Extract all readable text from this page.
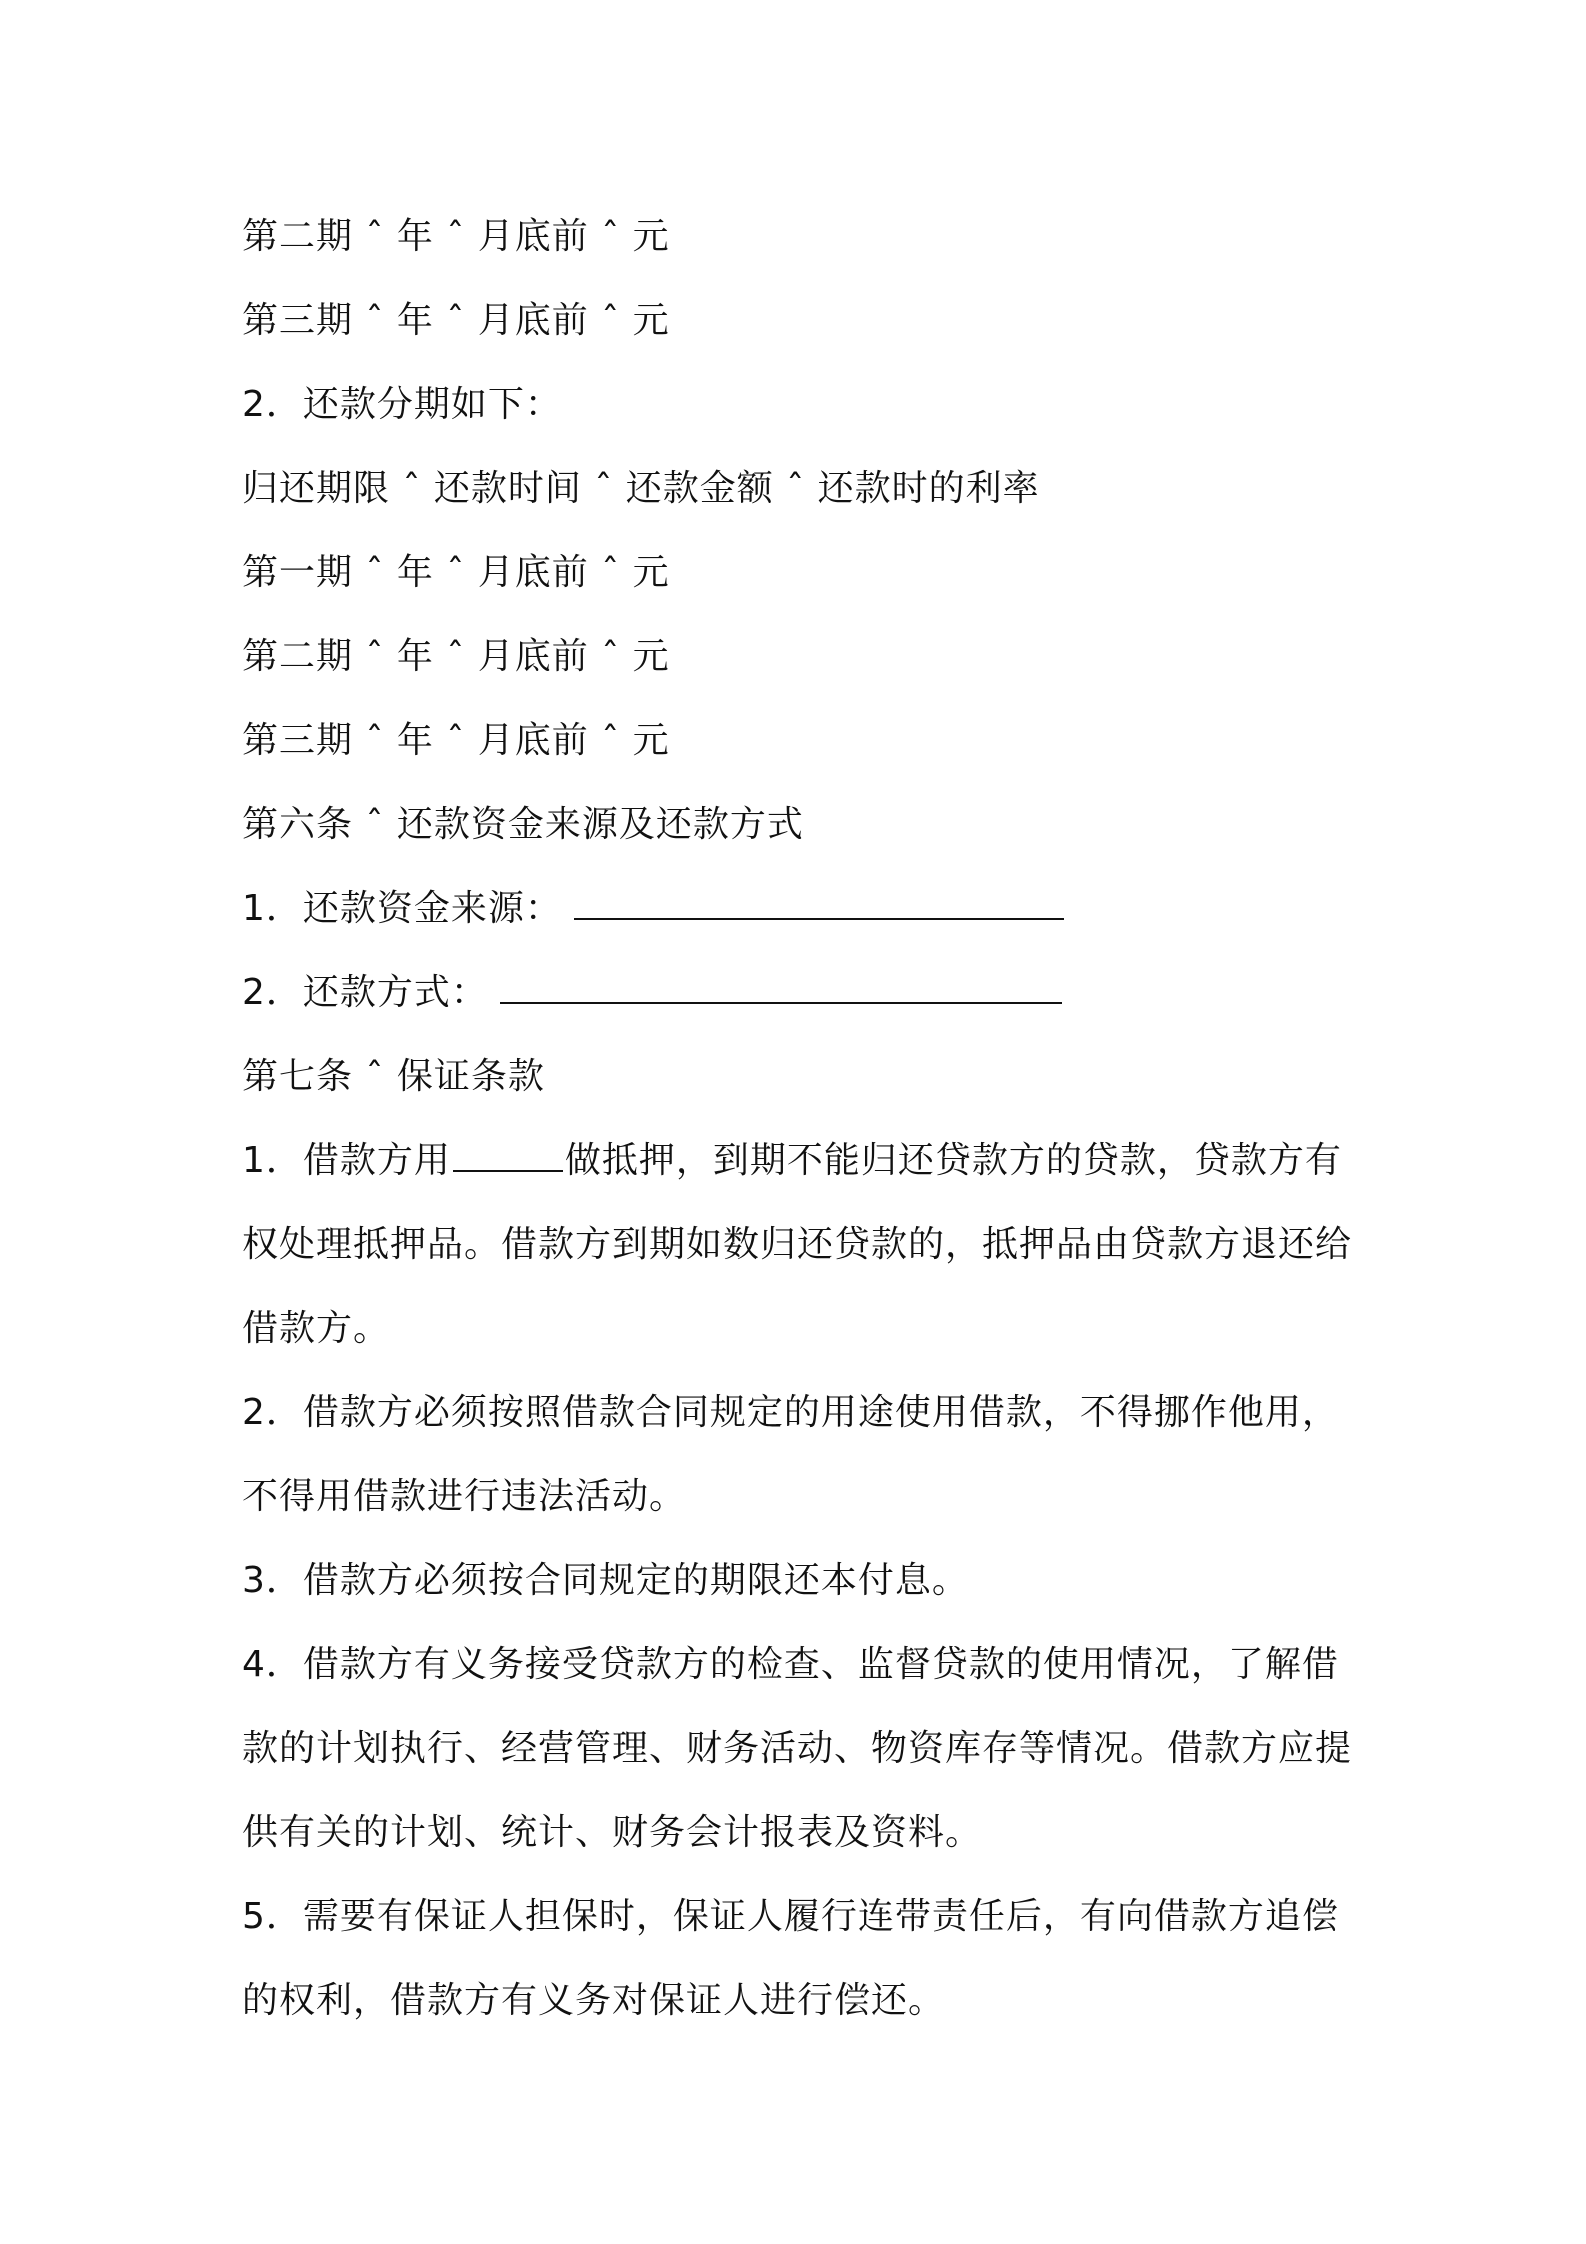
第二期 ˆ 年 ˆ 月底前 ˆ 元
第三期 ˆ 年 ˆ 月底前 ˆ 元
2．还款分期如下：
归还期限 ˆ 还款时间 ˆ 还款金额 ˆ 还款时的利率
第一期 ˆ 年 ˆ 月底前 ˆ 元
第二期 ˆ 年 ˆ 月底前 ˆ 元
第三期 ˆ 年 ˆ 月底前 ˆ 元
第六条 ˆ 还款资金来源及还款方式
1．还款资金来源：
2．还款方式：
第七条 ˆ 保证条款
1．借款方用	做抵押，到期不能归还贷款方的贷款，贷款方有权处理抵押品。借款方到期如数归还贷款的，抵押品由贷款方退还给借款方。
2．借款方必须按照借款合同规定的用途使用借款，不得挪作他用，不得用借款进行违法活动。
3．借款方必须按合同规定的期限还本付息。
4．借款方有义务接受贷款方的检查、监督贷款的使用情况，了解借款的计划执行、经营管理、财务活动、物资库存等情况。借款方应提供有关的计划、统计、财务会计报表及资料。
5．需要有保证人担保时，保证人履行连带责任后，有向借款方追偿的权利，借款方有义务对保证人进行偿还。
